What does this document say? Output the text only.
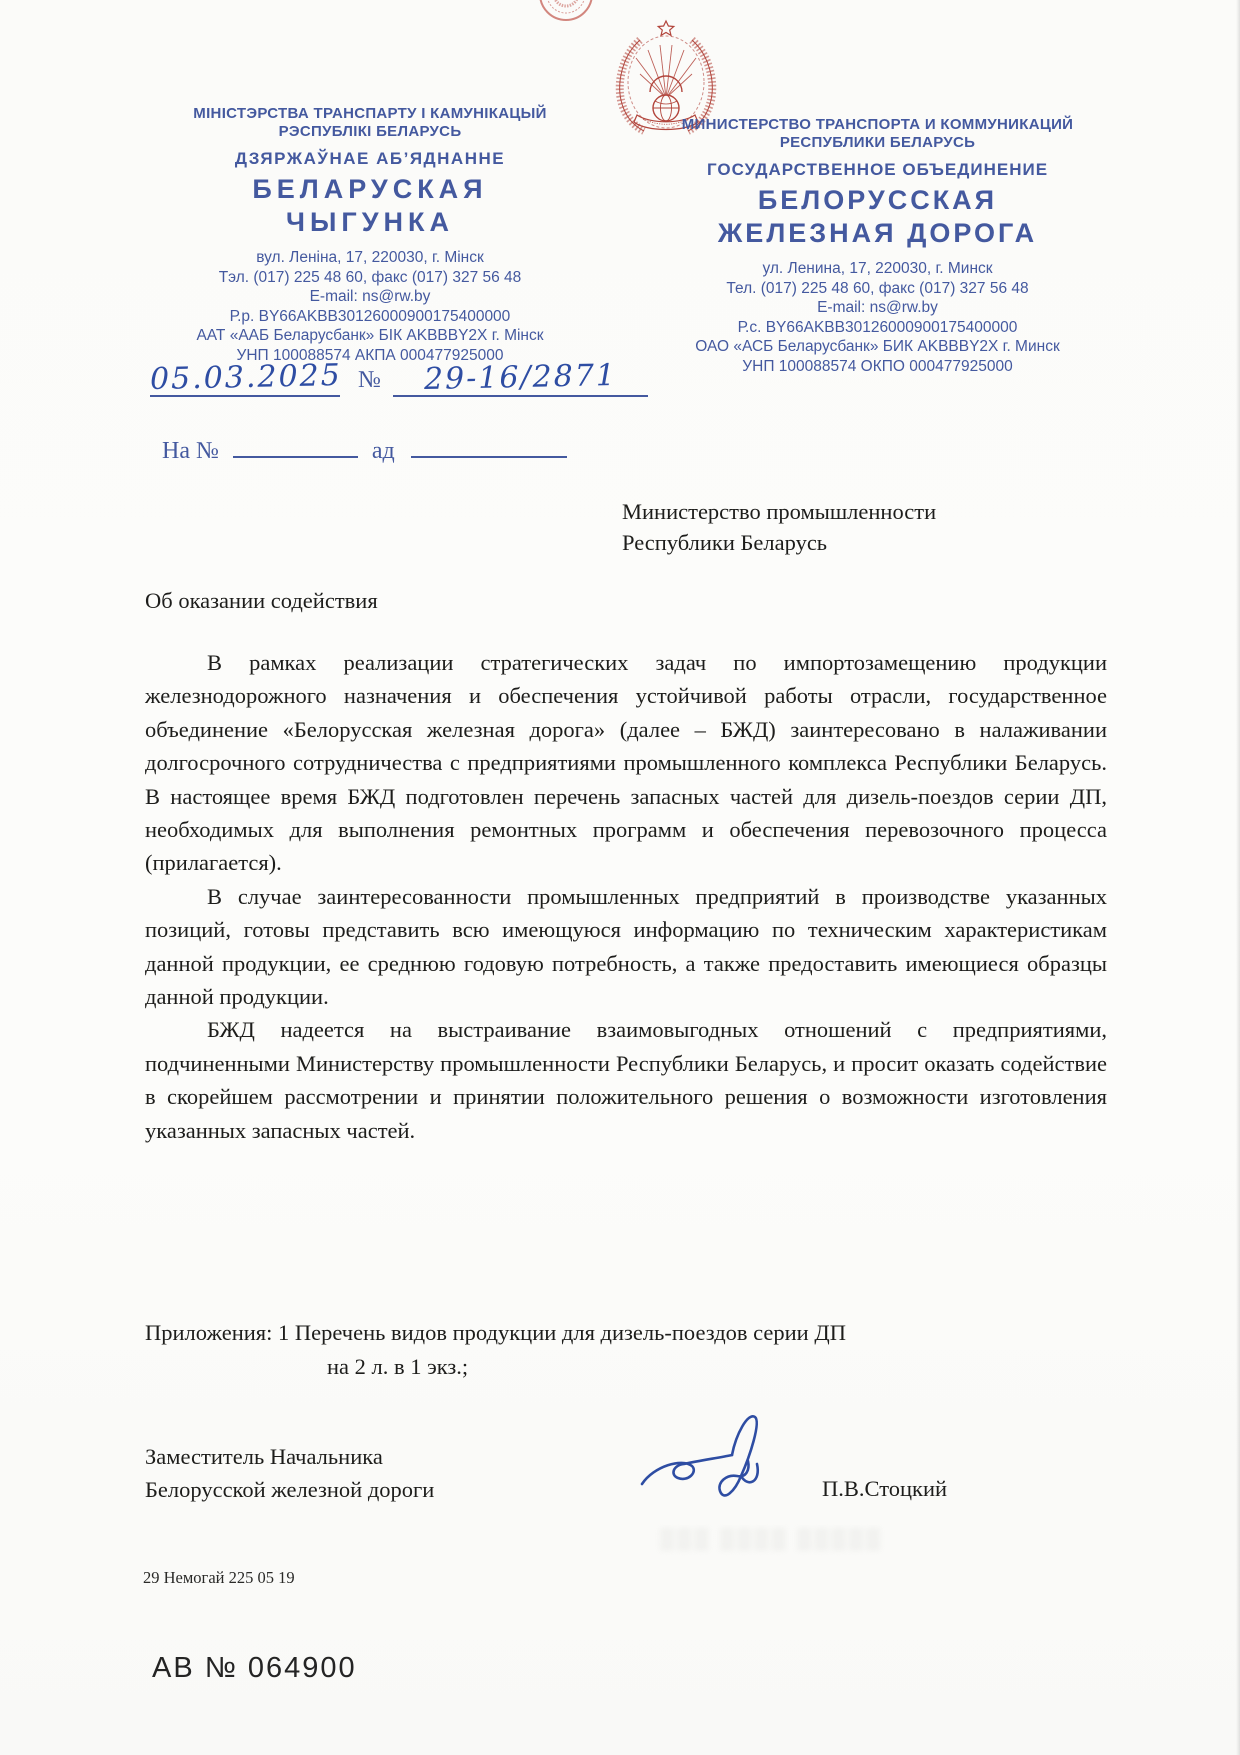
МІНІСТЭРСТВА ТРАНСПАРТУ І КАМУНІКАЦЫЙ
РЭСПУБЛІКІ БЕЛАРУСЬ
ДЗЯРЖАЎНАЕ АБ’ЯДНАННЕ
БЕЛАРУСКАЯ
ЧЫГУНКА
вул. Леніна, 17, 220030, г. Мінск
Тэл. (017) 225 48 60, факс (017) 327 56 48
E-mail: ns@rw.by
Р.р. BY66AKBB30126000900175400000
ААТ «ААБ Беларусбанк» БІК AKBBBY2X г. Мінск
УНП 100088574 АКПА 000477925000
МИНИСТЕРСТВО ТРАНСПОРТА И КОММУНИКАЦИЙ
РЕСПУБЛИКИ БЕЛАРУСЬ
ГОСУДАРСТВЕННОЕ ОБЪЕДИНЕНИЕ
БЕЛОРУССКАЯ
ЖЕЛЕЗНАЯ ДОРОГА
ул. Ленина, 17, 220030, г. Минск
Тел. (017) 225 48 60, факс (017) 327 56 48
E-mail: ns@rw.by
Р.с. BY66AKBB30126000900175400000
ОАО «АСБ Беларусбанк» БИК AKBBBY2X г. Минск
УНП 100088574 ОКПО 000477925000
05.03.2025 № 29-16/2871
На №	ад
Министерство промышленности
Республики Беларусь
Об оказании содействия

В рамках реализации стратегических задач по импортозамещению продукции железнодорожного назначения и обеспечения устойчивой работы отрасли, государственное объединение «Белорусская железная дорога» (далее – БЖД) заинтересовано в налаживании долгосрочного сотрудничества с предприятиями промышленного комплекса Республики Беларусь. В настоящее время БЖД подготовлен перечень запасных частей для дизель-поездов серии ДП, необходимых для выполнения ремонтных программ и обеспечения перевозочного процесса (прилагается).

В случае заинтересованности промышленных предприятий в производстве указанных позиций, готовы представить всю имеющуюся информацию по техническим характеристикам данной продукции, ее среднюю годовую потребность, а также предоставить имеющиеся образцы данной продукции.

БЖД надеется на выстраивание взаимовыгодных отношений с предприятиями, подчиненными Министерству промышленности Республики Беларусь, и просит оказать содействие в скорейшем рассмотрении и принятии положительного решения о возможности изготовления указанных запасных частей.

Приложения: 1 Перечень видов продукции для дизель-поездов серии ДП
на 2 л. в 1 экз.;
Заместитель Начальника
Белорусской железной дороги	П.В.Стоцкий
▒▒▒ ▒▒▒▒ ▒▒▒▒▒
29 Немогай 225 05 19
АВ № 064900
